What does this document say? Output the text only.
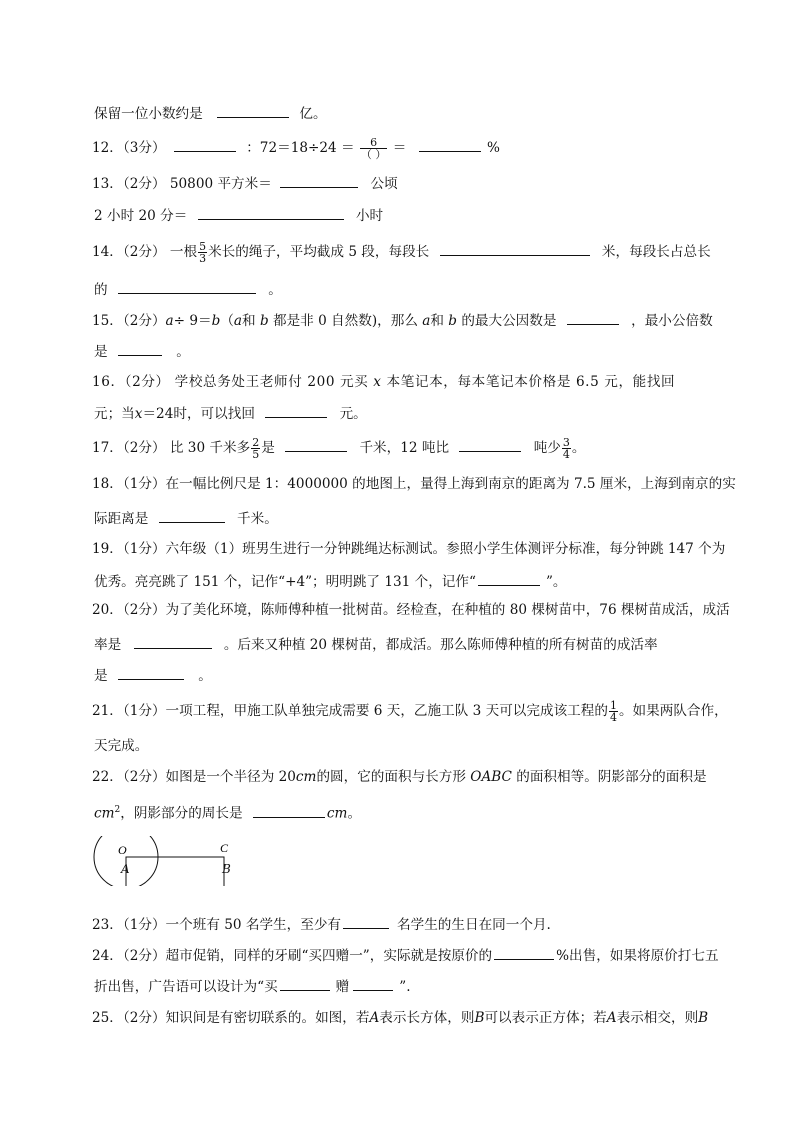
保留一位小数约是	亿。
12．（3分）	：$72=18\div 24 = \frac{6}{( )}$ ＝	%
13．（2分） 50800 平方米＝	公顷
2 小时 20 分＝	小时
14．（2分） 一根 $\frac{5}{3}$ 米长的绳子，平均截成 5 段，每段长	米，每段长占总长
的	。
15．（2分）a÷ 9＝b（a和 b 都是非 0 自然数)，那么 a和 b 的最大公因数是	，最小公倍数
是	。
16．（2分） 学校总务处王老师付 200 元买 x 本笔记本，每本笔记本价格是 6.5 元，能找回
元；当x＝24时，可以找回	元。
17．（2分） 比 30 千米多 $\frac{2}{5}$ 是	千米，12 吨比	吨少 $\frac{3}{4}$ 。
18．（1分）在一幅比例尺是 1：4000000 的地图上，量得上海到南京的距离为 7.5 厘米，上海到南京的实
际距离是	千米。
19．（1分）六年级（1）班男生进行一分钟跳绳达标测试。参照小学生体测评分标准，每分钟跳 147 个为
优秀。亮亮跳了 151 个，记作“+4”；明明跳了 131 个，记作“	”。
20．（2分）为了美化环境，陈师傅种植一批树苗。经检查，在种植的 80 棵树苗中，76 棵树苗成活，成活
率是	。后来又种植 20 棵树苗，都成活。那么陈师傅种植的所有树苗的成活率
是	。
21．（1分）一项工程，甲施工队单独完成需要 6 天，乙施工队 3 天可以完成该工程的 $\frac{1}{4}$ 。如果两队合作，
天完成。
22．（2分）如图是一个半径为 20cm的圆，它的面积与长方形 OABC 的面积相等。阴影部分的面积是
$cm^2$，阴影部分的周长是	cm。
O	C
A	B
23．（1分）一个班有 50 名学生，至少有	名学生的生日在同一个月.
24．（2分）超市促销，同样的牙刷“买四赠一”，实际就是按原价的	%出售，如果将原价打七五
折出售，广告语可以设计为“买	赠	”.
25．（2分）知识间是有密切联系的。如图，若A表示长方体，则B可以表示正方体；若A表示相交，则B
